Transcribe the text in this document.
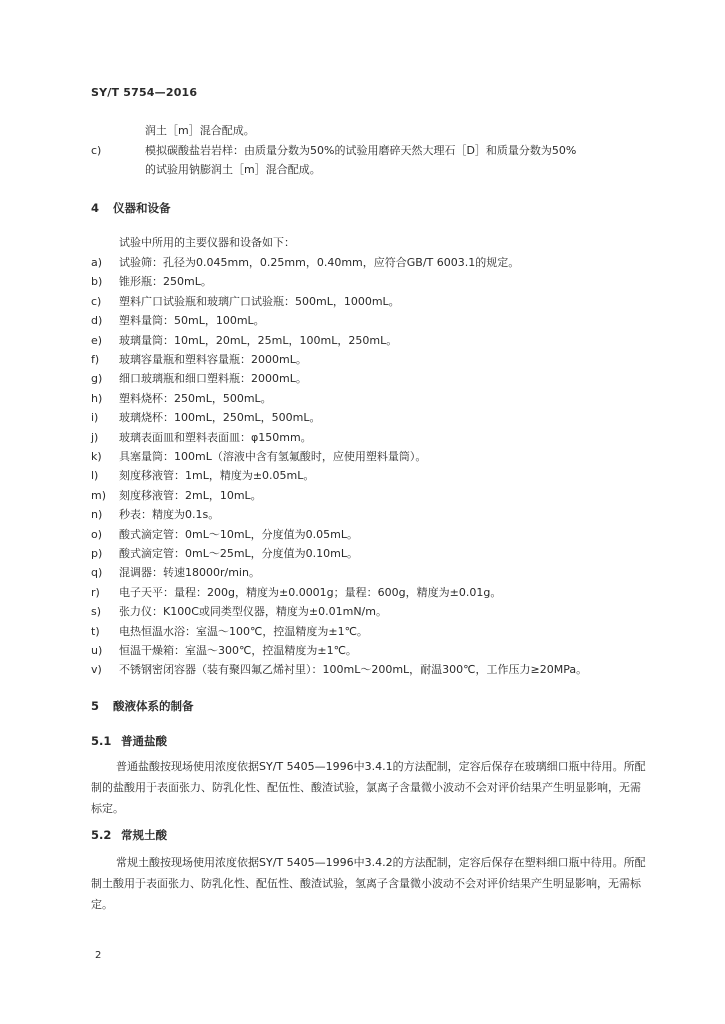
SY/T 5754—2016
润土［m］混合配成。
c)	模拟碳酸盐岩岩样：由质量分数为50%的试验用磨碎天然大理石［D］和质量分数为50%
的试验用钠膨润土［m］混合配成。
4 仪器和设备
试验中所用的主要仪器和设备如下：
a)	试验筛：孔径为0.045mm，0.25mm，0.40mm，应符合GB/T 6003.1的规定。
b)	锥形瓶：250mL。
c)	塑料广口试验瓶和玻璃广口试验瓶：500mL，1000mL。
d)	塑料量筒：50mL，100mL。
e)	玻璃量筒：10mL，20mL，25mL，100mL，250mL。
f)	玻璃容量瓶和塑料容量瓶：2000mL。
g)	细口玻璃瓶和细口塑料瓶：2000mL。
h)	塑料烧杯：250mL，500mL。
i)	玻璃烧杯：100mL，250mL，500mL。
j)	玻璃表面皿和塑料表面皿：φ150mm。
k)	具塞量筒：100mL（溶液中含有氢氟酸时，应使用塑料量筒）。
l)	刻度移液管：1mL，精度为±0.05mL。
m)	刻度移液管：2mL，10mL。
n)	秒表：精度为0.1s。
o)	酸式滴定管：0mL～10mL，分度值为0.05mL。
p)	酸式滴定管：0mL～25mL，分度值为0.10mL。
q)	混调器：转速18000r/min。
r)	电子天平：量程：200g，精度为±0.0001g；量程：600g，精度为±0.01g。
s)	张力仪：K100C或同类型仪器，精度为±0.01mN/m。
t)	电热恒温水浴：室温～100℃，控温精度为±1℃。
u)	恒温干燥箱：室温～300℃，控温精度为±1℃。
v)	不锈钢密闭容器（装有聚四氟乙烯衬里）：100mL～200mL，耐温300℃，工作压力≥20MPa。
5 酸液体系的制备
5.1 普通盐酸
普通盐酸按现场使用浓度依据SY/T 5405—1996中3.4.1的方法配制，定容后保存在玻璃细口瓶中待用。所配制的盐酸用于表面张力、防乳化性、配伍性、酸渣试验，氯离子含量微小波动不会对评价结果产生明显影响，无需标定。
5.2 常规土酸
常规土酸按现场使用浓度依据SY/T 5405—1996中3.4.2的方法配制，定容后保存在塑料细口瓶中待用。所配制土酸用于表面张力、防乳化性、配伍性、酸渣试验，氢离子含量微小波动不会对评价结果产生明显影响，无需标定。
2
